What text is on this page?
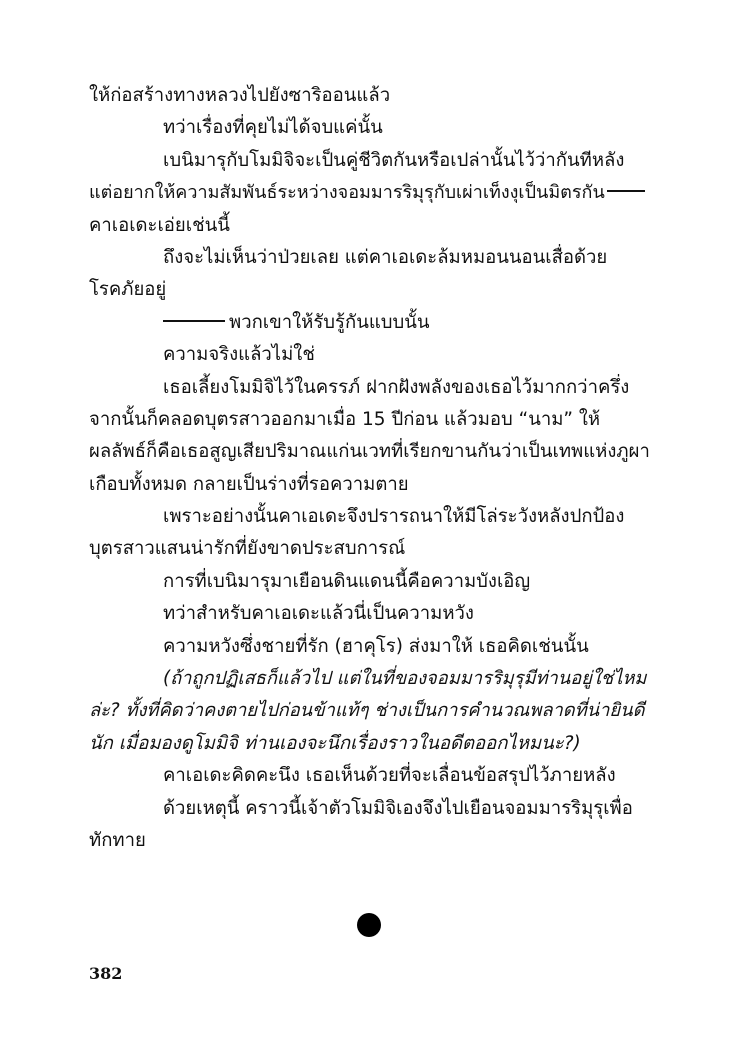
ให้ก่อสร้างทางหลวงไปยังซาริออนแล้ว
ทว่าเรื่องที่คุยไม่ได้จบแค่นั้น
เบนิมารุกับโมมิจิจะเป็นคู่ชีวิตกันหรือเปล่านั้นไว้ว่ากันทีหลัง
แต่อยากให้ความสัมพันธ์ระหว่างจอมมารริมุรุกับเผ่าเท็งงุเป็นมิตรกัน
คาเอเดะเอ่ยเช่นนี้
ถึงจะไม่เห็นว่าป่วยเลย แต่คาเอเดะล้มหมอนนอนเสื่อด้วย
โรคภัยอยู่
พวกเขาให้รับรู้กันแบบนั้น
ความจริงแล้วไม่ใช่
เธอเลี้ยงโมมิจิไว้ในครรภ์ ฝากฝังพลังของเธอไว้มากกว่าครึ่ง
จากนั้นก็คลอดบุตรสาวออกมาเมื่อ 15 ปีก่อน แล้วมอบ “นาม” ให้
ผลลัพธ์ก็คือเธอสูญเสียปริมาณแก่นเวทที่เรียกขานกันว่าเป็นเทพแห่งภูผา
เกือบทั้งหมด กลายเป็นร่างที่รอความตาย
เพราะอย่างนั้นคาเอเดะจึงปรารถนาให้มีโล่ระวังหลังปกป้อง
บุตรสาวแสนน่ารักที่ยังขาดประสบการณ์
การที่เบนิมารุมาเยือนดินแดนนี้คือความบังเอิญ
ทว่าสำหรับคาเอเดะแล้วนี่เป็นความหวัง
ความหวังซึ่งชายที่รัก (ฮาคุโร) ส่งมาให้ เธอคิดเช่นนั้น
(ถ้าถูกปฏิเสธก็แล้วไป แต่ในที่ของจอมมารริมุรุมีท่านอยู่ใช่ไหม
ล่ะ? ทั้งที่คิดว่าคงตายไปก่อนข้าแท้ๆ ช่างเป็นการคำนวณพลาดที่น่ายินดี
นัก เมื่อมองดูโมมิจิ ท่านเองจะนึกเรื่องราวในอดีตออกไหมนะ?)
คาเอเดะคิดคะนึง เธอเห็นด้วยที่จะเลื่อนข้อสรุปไว้ภายหลัง
ด้วยเหตุนี้ คราวนี้เจ้าตัวโมมิจิเองจึงไปเยือนจอมมารริมุรุเพื่อ
ทักทาย
382
